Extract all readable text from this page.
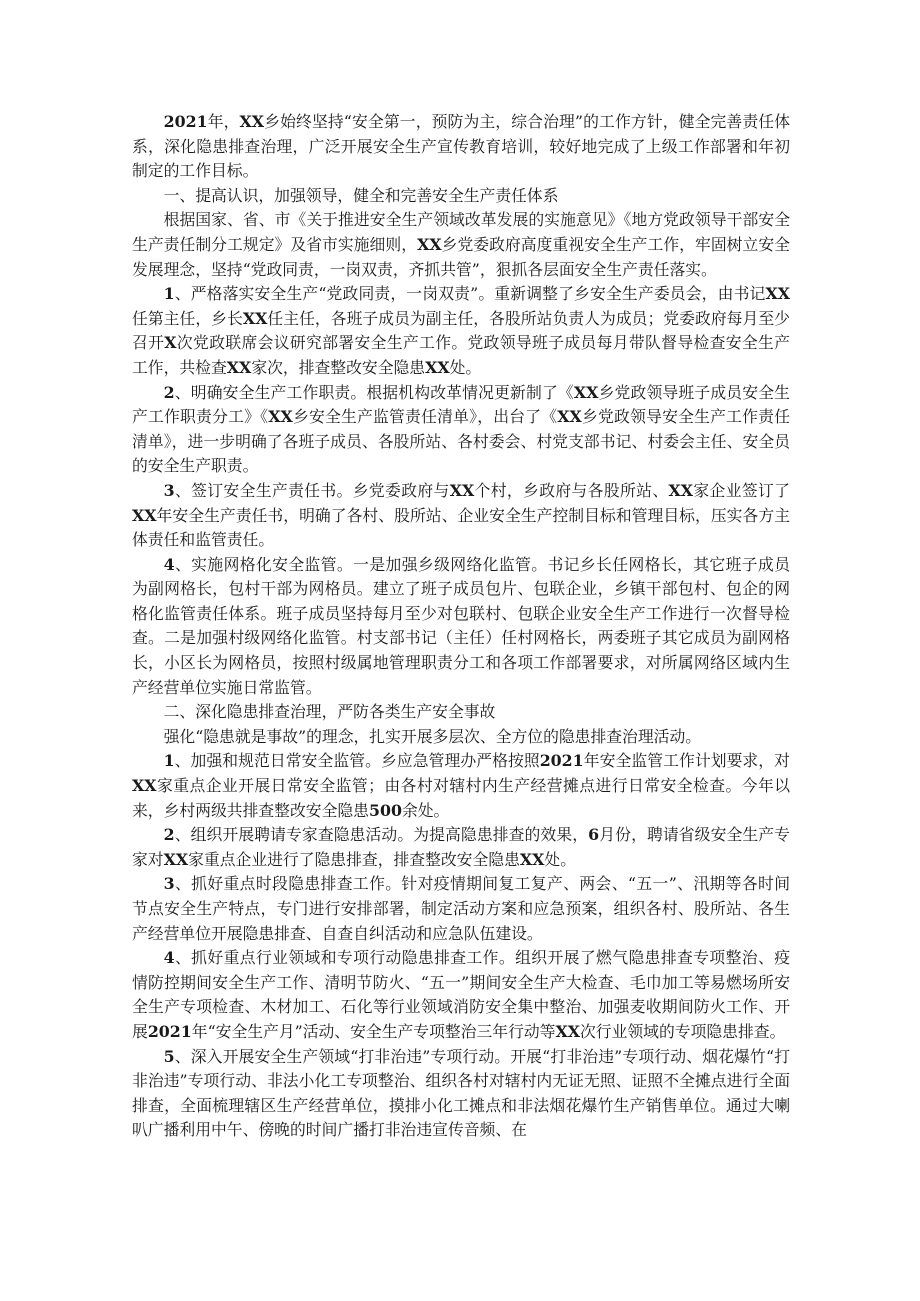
2021年，XX乡始终坚持“安全第一，预防为主，综合治理”的工作方针，健全完善责任体系，深化隐患排查治理，广泛开展安全生产宣传教育培训，较好地完成了上级工作部署和年初制定的工作目标。

一、提高认识，加强领导，健全和完善安全生产责任体系

根据国家、省、市《关于推进安全生产领域改革发展的实施意见》《地方党政领导干部安全生产责任制分工规定》及省市实施细则，XX乡党委政府高度重视安全生产工作，牢固树立安全发展理念，坚持“党政同责，一岗双责，齐抓共管”，狠抓各层面安全生产责任落实。

1、严格落实安全生产“党政同责，一岗双责”。重新调整了乡安全生产委员会，由书记XX任第主任，乡长XX任主任，各班子成员为副主任，各股所站负责人为成员；党委政府每月至少召开X次党政联席会议研究部署安全生产工作。党政领导班子成员每月带队督导检查安全生产工作，共检查XX家次，排查整改安全隐患XX处。

2、明确安全生产工作职责。根据机构改革情况更新制了《XX乡党政领导班子成员安全生产工作职责分工》《XX乡安全生产监管责任清单》，出台了《XX乡党政领导安全生产工作责任清单》，进一步明确了各班子成员、各股所站、各村委会、村党支部书记、村委会主任、安全员的安全生产职责。

3、签订安全生产责任书。乡党委政府与XX个村，乡政府与各股所站、XX家企业签订了XX年安全生产责任书，明确了各村、股所站、企业安全生产控制目标和管理目标，压实各方主体责任和监管责任。

4、实施网格化安全监管。一是加强乡级网络化监管。书记乡长任网格长，其它班子成员为副网格长，包村干部为网格员。建立了班子成员包片、包联企业，乡镇干部包村、包企的网格化监管责任体系。班子成员坚持每月至少对包联村、包联企业安全生产工作进行一次督导检查。二是加强村级网络化监管。村支部书记（主任）任村网格长，两委班子其它成员为副网格长，小区长为网格员，按照村级属地管理职责分工和各项工作部署要求，对所属网络区域内生产经营单位实施日常监管。

二、深化隐患排查治理，严防各类生产安全事故

强化“隐患就是事故”的理念，扎实开展多层次、全方位的隐患排查治理活动。

1、加强和规范日常安全监管。乡应急管理办严格按照2021年安全监管工作计划要求，对XX家重点企业开展日常安全监管；由各村对辖村内生产经营摊点进行日常安全检查。今年以来，乡村两级共排查整改安全隐患500余处。

2、组织开展聘请专家查隐患活动。为提高隐患排查的效果，6月份，聘请省级安全生产专家对XX家重点企业进行了隐患排查，排查整改安全隐患XX处。

3、抓好重点时段隐患排查工作。针对疫情期间复工复产、两会、“五一”、汛期等各时间节点安全生产特点，专门进行安排部署，制定活动方案和应急预案，组织各村、股所站、各生产经营单位开展隐患排查、自查自纠活动和应急队伍建设。

4、抓好重点行业领域和专项行动隐患排查工作。组织开展了燃气隐患排查专项整治、疫情防控期间安全生产工作、清明节防火、“五一”期间安全生产大检查、毛巾加工等易燃场所安全生产专项检查、木材加工、石化等行业领域消防安全集中整治、加强麦收期间防火工作、开展2021年“安全生产月”活动、安全生产专项整治三年行动等XX次行业领域的专项隐患排查。

5、深入开展安全生产领域“打非治违”专项行动。开展“打非治违”专项行动、烟花爆竹“打非治违”专项行动、非法小化工专项整治、组织各村对辖村内无证无照、证照不全摊点进行全面排查，全面梳理辖区生产经营单位，摸排小化工摊点和非法烟花爆竹生产销售单位。通过大喇叭广播利用中午、傍晚的时间广播打非治违宣传音频、在
